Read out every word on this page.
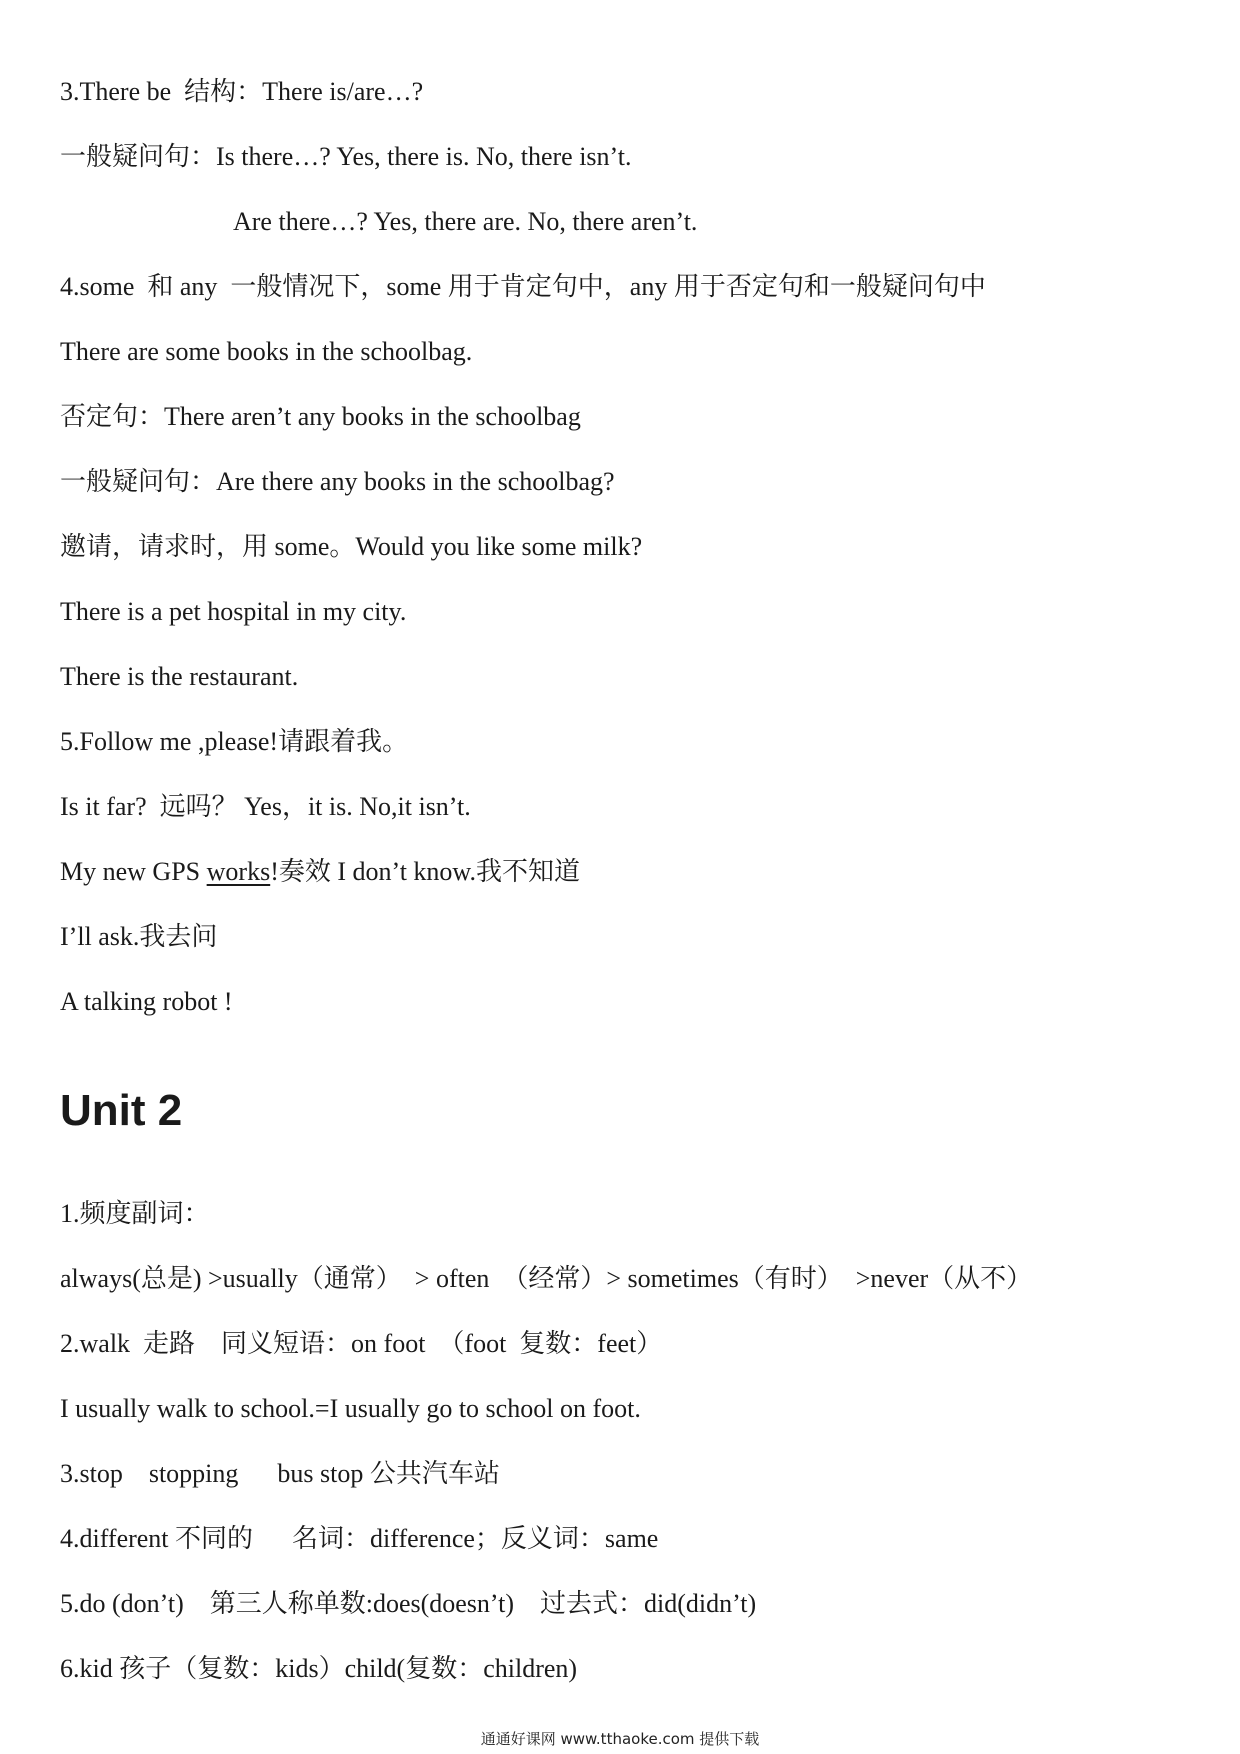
3.There be  结构：There is/are…?
一般疑问句：Is there…? Yes, there is. No, there isn’t.
Are there…? Yes, there are. No, there aren’t.
4.some  和 any  一般情况下，some 用于肯定句中，any 用于否定句和一般疑问句中
There are some books in the schoolbag.
否定句：There aren’t any books in the schoolbag
一般疑问句：Are there any books in the schoolbag?
邀请，请求时，用 some。Would you like some milk?
There is a pet hospital in my city.
There is the restaurant.
5.Follow me ,please!请跟着我。
Is it far?  远吗？ Yes，it is. No,it isn’t.
My new GPS works!奏效 I don’t know.我不知道
I’ll ask.我去问
A talking robot !
Unit 2
1.频度副词：
always(总是) >usually（通常）  > often  （经常）> sometimes（有时）  >never（从不）
2.walk  走路    同义短语：on foot  （foot  复数：feet）
I usually walk to school.=I usually go to school on foot.
3.stop    stopping      bus stop 公共汽车站
4.different 不同的      名词：difference；反义词：same
5.do (don’t)    第三人称单数:does(doesn’t)    过去式：did(didn’t)
6.kid 孩子（复数：kids）child(复数：children)
通通好课网 www.tthaoke.com 提供下载
